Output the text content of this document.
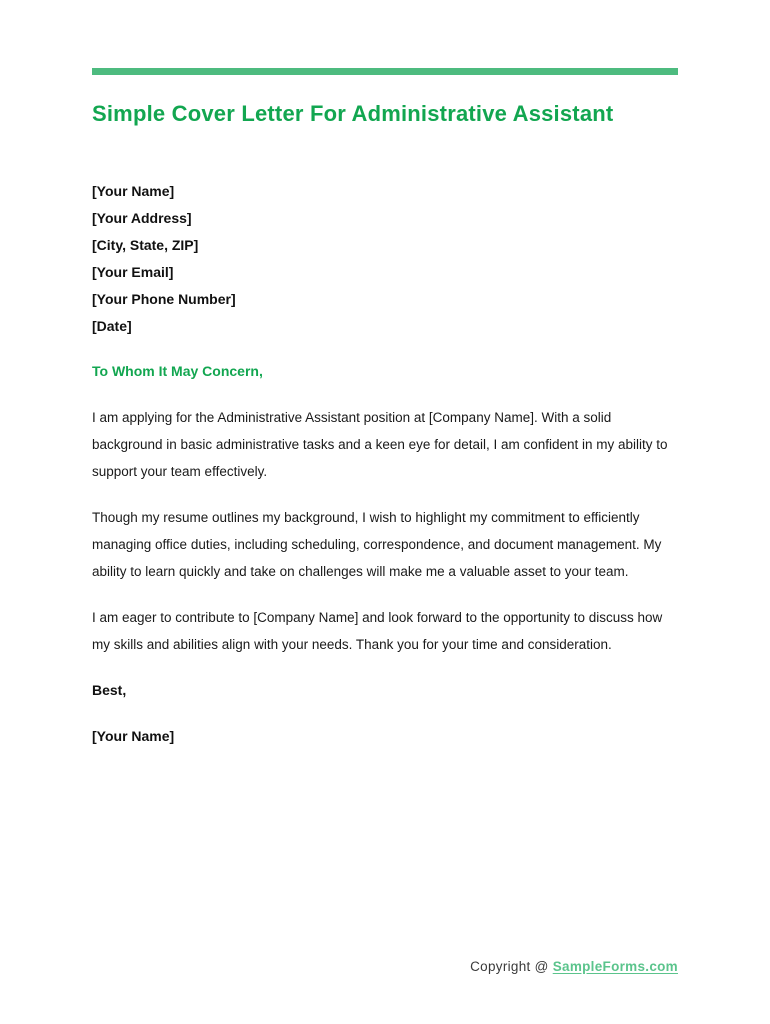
Simple Cover Letter For Administrative Assistant

[Your Name]

[Your Address]

[City, State, ZIP]

[Your Email]

[Your Phone Number]

[Date]

To Whom It May Concern,

I am applying for the Administrative Assistant position at [Company Name]. With a solid background in basic administrative tasks and a keen eye for detail, I am confident in my ability to support your team effectively.

Though my resume outlines my background, I wish to highlight my commitment to efficiently managing office duties, including scheduling, correspondence, and document management. My ability to learn quickly and take on challenges will make me a valuable asset to your team.

I am eager to contribute to [Company Name] and look forward to the opportunity to discuss how my skills and abilities align with your needs. Thank you for your time and consideration.

Best,

[Your Name]

Copyright @ SampleForms.com
